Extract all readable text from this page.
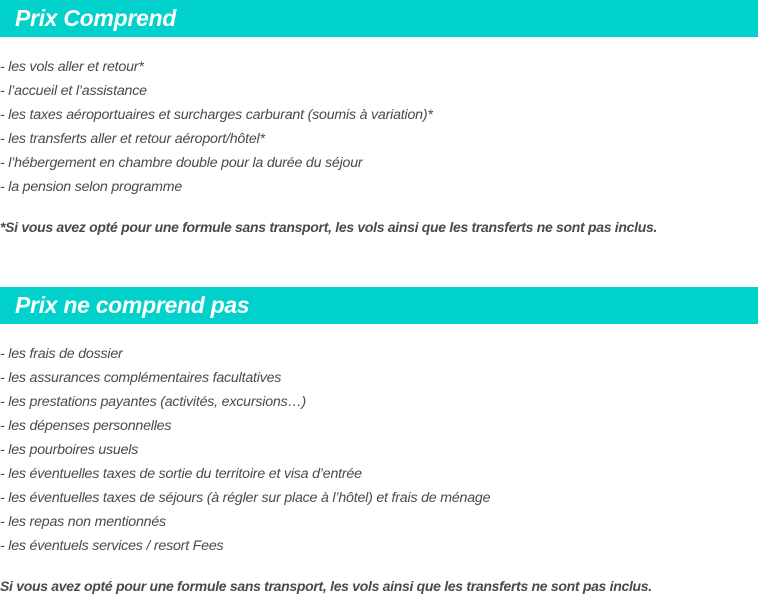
Prix Comprend
- les vols aller et retour*
- l’accueil et l’assistance
- les taxes aéroportuaires et surcharges carburant (soumis à variation)*
- les transferts aller et retour aéroport/hôtel*
- l’hébergement en chambre double pour la durée du séjour
- la pension selon programme

*Si vous avez opté pour une formule sans transport, les vols ainsi que les transferts ne sont pas inclus.

Prix ne comprend pas
- les frais de dossier
- les assurances complémentaires facultatives
- les prestations payantes (activités, excursions…)
- les dépenses personnelles
- les pourboires usuels
- les éventuelles taxes de sortie du territoire et visa d’entrée
- les éventuelles taxes de séjours (à régler sur place à l’hôtel) et frais de ménage
- les repas non mentionnés
- les éventuels services / resort Fees

Si vous avez opté pour une formule sans transport, les vols ainsi que les transferts ne sont pas inclus.
